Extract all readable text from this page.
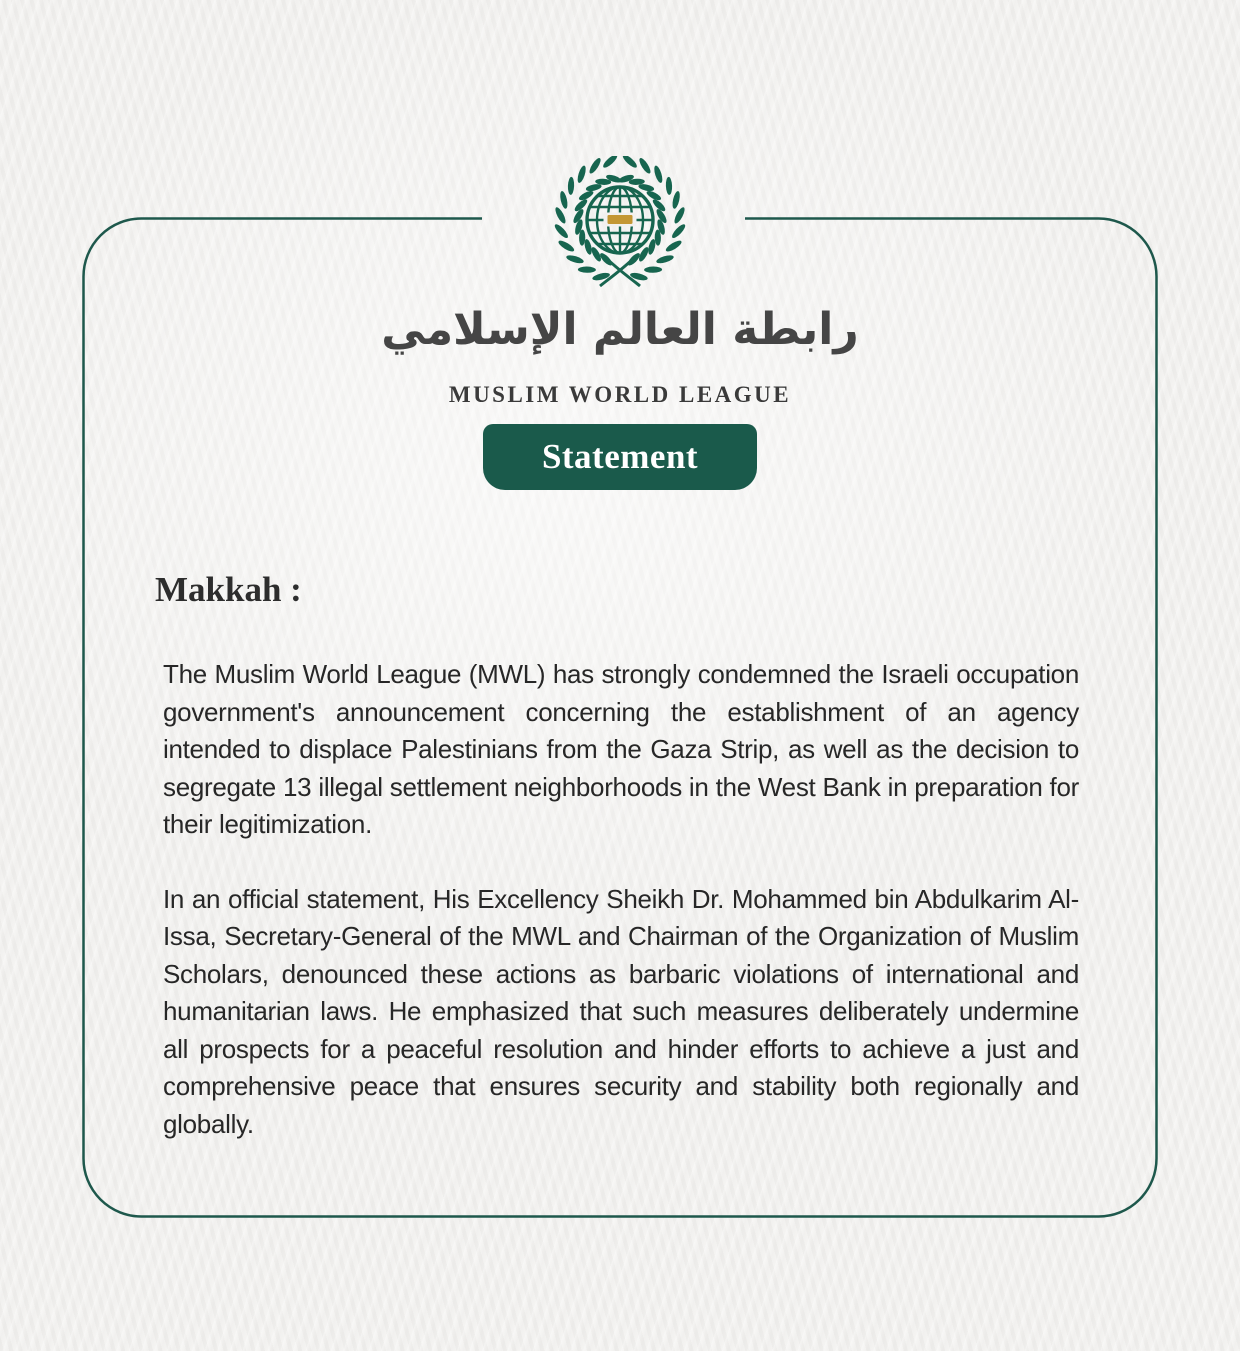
رابطة العالم الإسلامي
MUSLIM WORLD LEAGUE
Statement
Makkah :

The Muslim World League (MWL) has strongly condemned the Israeli occupation government's announcement concerning the establishment of an agency intended to displace Palestinians from the Gaza Strip, as well as the decision to segregate 13 illegal settlement neighborhoods in the West Bank in preparation for their legitimization.

In an official statement, His Excellency Sheikh Dr. Mohammed bin Abdulkarim Al-Issa, Secretary-General of the MWL and Chairman of the Organization of Muslim Scholars, denounced these actions as barbaric violations of international and humanitarian laws. He emphasized that such measures deliberately undermine all prospects for a peaceful resolution and hinder efforts to achieve a just and comprehensive peace that ensures security and stability both regionally and globally.
